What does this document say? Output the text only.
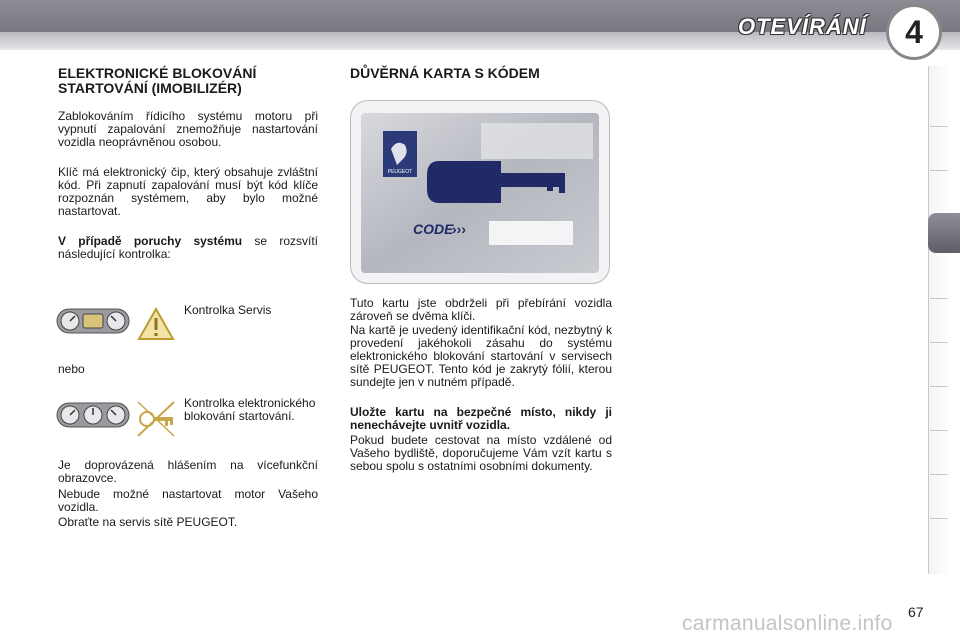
OTEVÍRÁNÍ	4
ELEKTRONICKÉ BLOKOVÁNÍ
STARTOVÁNÍ (IMOBILIZÉR)

Zablokováním řídicího systému motoru při vypnutí zapalování znemožňuje nastartování vozidla neoprávněnou osobou.

Klíč má elektronický čip, který obsahuje zvláštní kód. Při zapnutí zapalování musí být kód klíče rozpoznán systémem, aby bylo možné nastartovat.

V případě poruchy systému se rozsvítí následující kontrolka:

Kontrolka Servis
nebo
Kontrolka elektronického blokování startování.

Je doprovázená hlášením na vícefunkční obrazovce.

Nebude možné nastartovat motor Vašeho vozidla.

Obraťte na servis sítě PEUGEOT.

DŮVĚRNÁ KARTA S KÓDEM
PEUGEOT
CODE
›››

Tuto kartu jste obdrželi při přebírání vozidla zároveň se dvěma klíči.

Na kartě je uvedený identifikační kód, nezbytný k provedení jakéhokoli zásahu do systému elektronického blokování startování v servisech sítě PEUGEOT. Tento kód je zakrytý fólií, kterou sundejte jen v nutném případě.

Uložte kartu na bezpečné místo, nikdy ji nenechávejte uvnitř vozidla.

Pokud budete cestovat na místo vzdálené od Vašeho bydliště, doporučujeme Vám vzít kartu s sebou spolu s ostatními osobními dokumenty.

carmanualsonline.info 67
